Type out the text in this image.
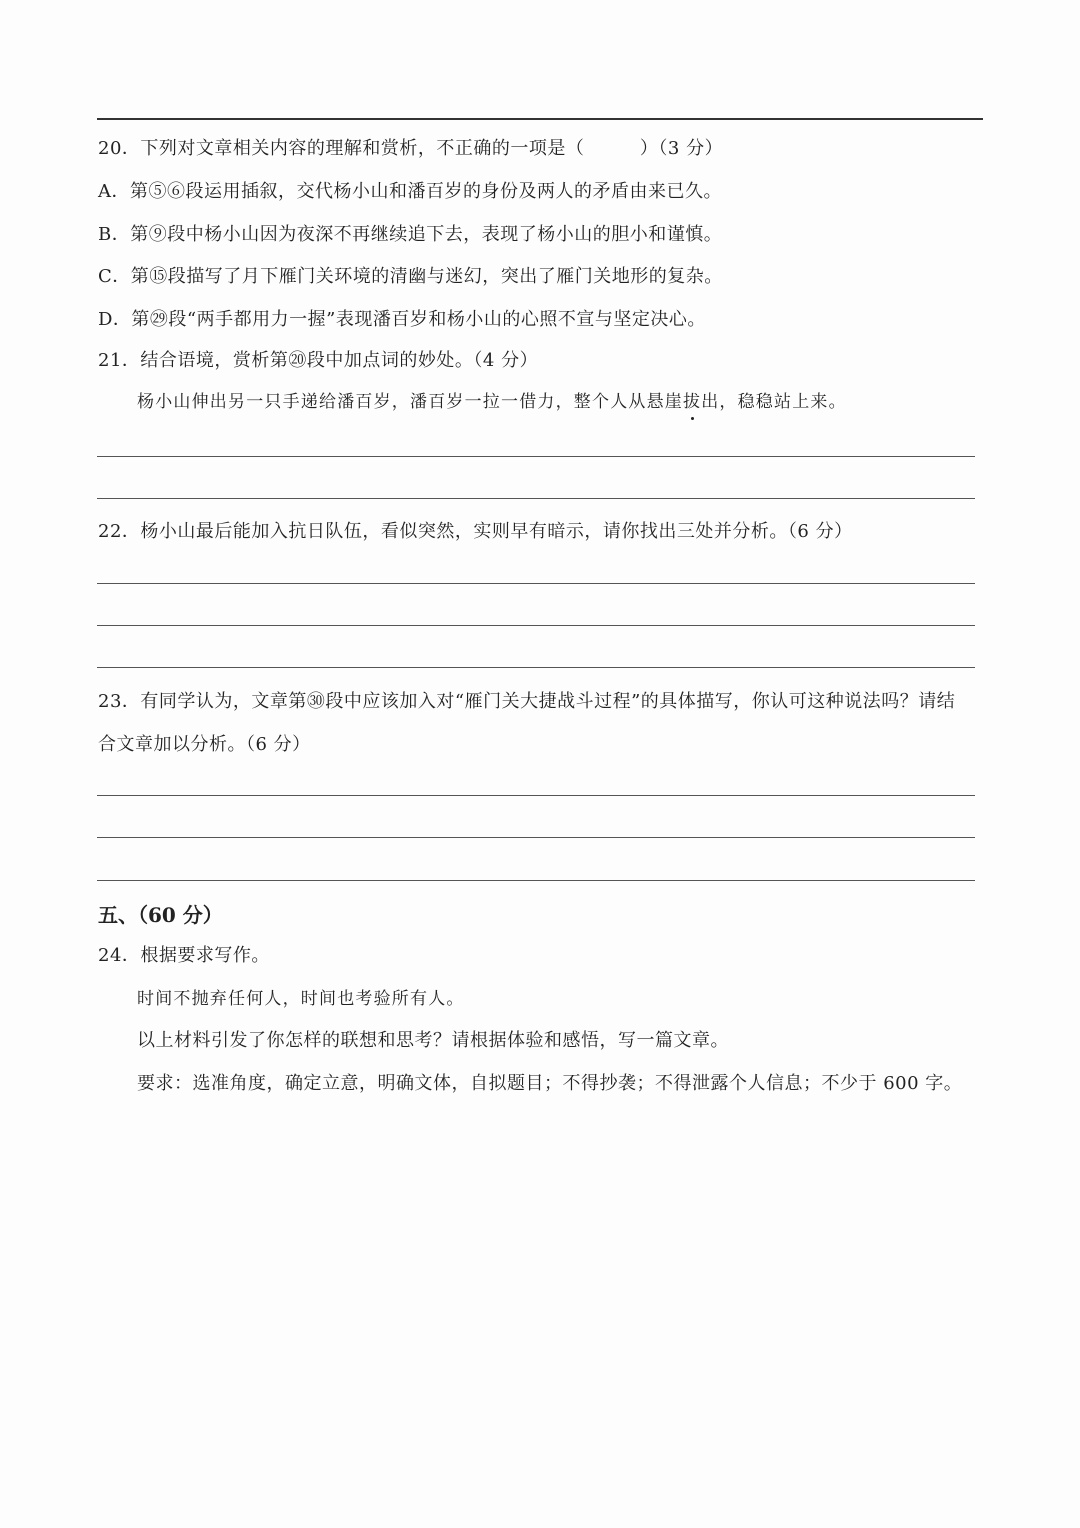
20．下列对文章相关内容的理解和赏析，不正确的一项是（　　　）（3 分）
A．第⑤⑥段运用插叙，交代杨小山和潘百岁的身份及两人的矛盾由来已久。
B．第⑨段中杨小山因为夜深不再继续追下去，表现了杨小山的胆小和谨慎。
C．第⑮段描写了月下雁门关环境的清幽与迷幻，突出了雁门关地形的复杂。
D．第㉙段“两手都用力一握”表现潘百岁和杨小山的心照不宣与坚定决心。
21．结合语境，赏析第⑳段中加点词的妙处。（4 分）
杨小山伸出另一只手递给潘百岁，潘百岁一拉一借力，整个人从悬崖拔出，稳稳站上来。
22．杨小山最后能加入抗日队伍，看似突然，实则早有暗示，请你找出三处并分析。（6 分）
23．有同学认为，文章第㉚段中应该加入对“雁门关大捷战斗过程”的具体描写，你认可这种说法吗？请结
合文章加以分析。（6 分）
五、（60 分）
24．根据要求写作。
时间不抛弃任何人，时间也考验所有人。
以上材料引发了你怎样的联想和思考？请根据体验和感悟，写一篇文章。
要求：选准角度，确定立意，明确文体，自拟题目；不得抄袭；不得泄露个人信息；不少于 600 字。
